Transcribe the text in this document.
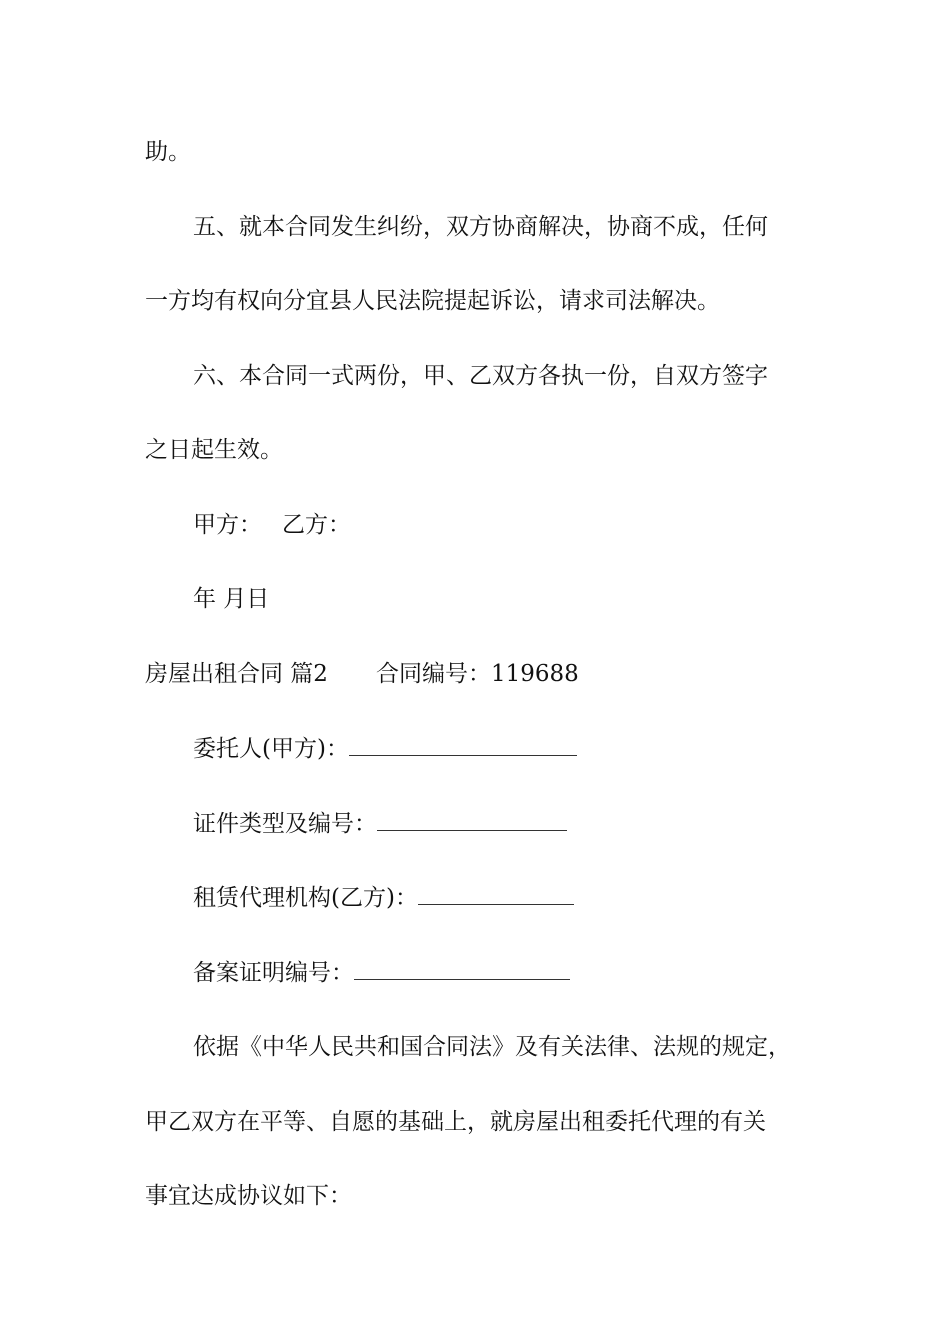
助。
五、就本合同发生纠纷，双方协商解决，协商不成，任何
一方均有权向分宜县人民法院提起诉讼，请求司法解决。
六、本合同一式两份，甲、乙双方各执一份，自双方签字
之日起生效。
甲方： 乙方：
年 月日
房屋出租合同 篇2 合同编号：119688
委托人(甲方)：
证件类型及编号：
租赁代理机构(乙方)：
备案证明编号：
依据《中华人民共和国合同法》及有关法律、法规的规定，
甲乙双方在平等、自愿的基础上，就房屋出租委托代理的有关
事宜达成协议如下：
